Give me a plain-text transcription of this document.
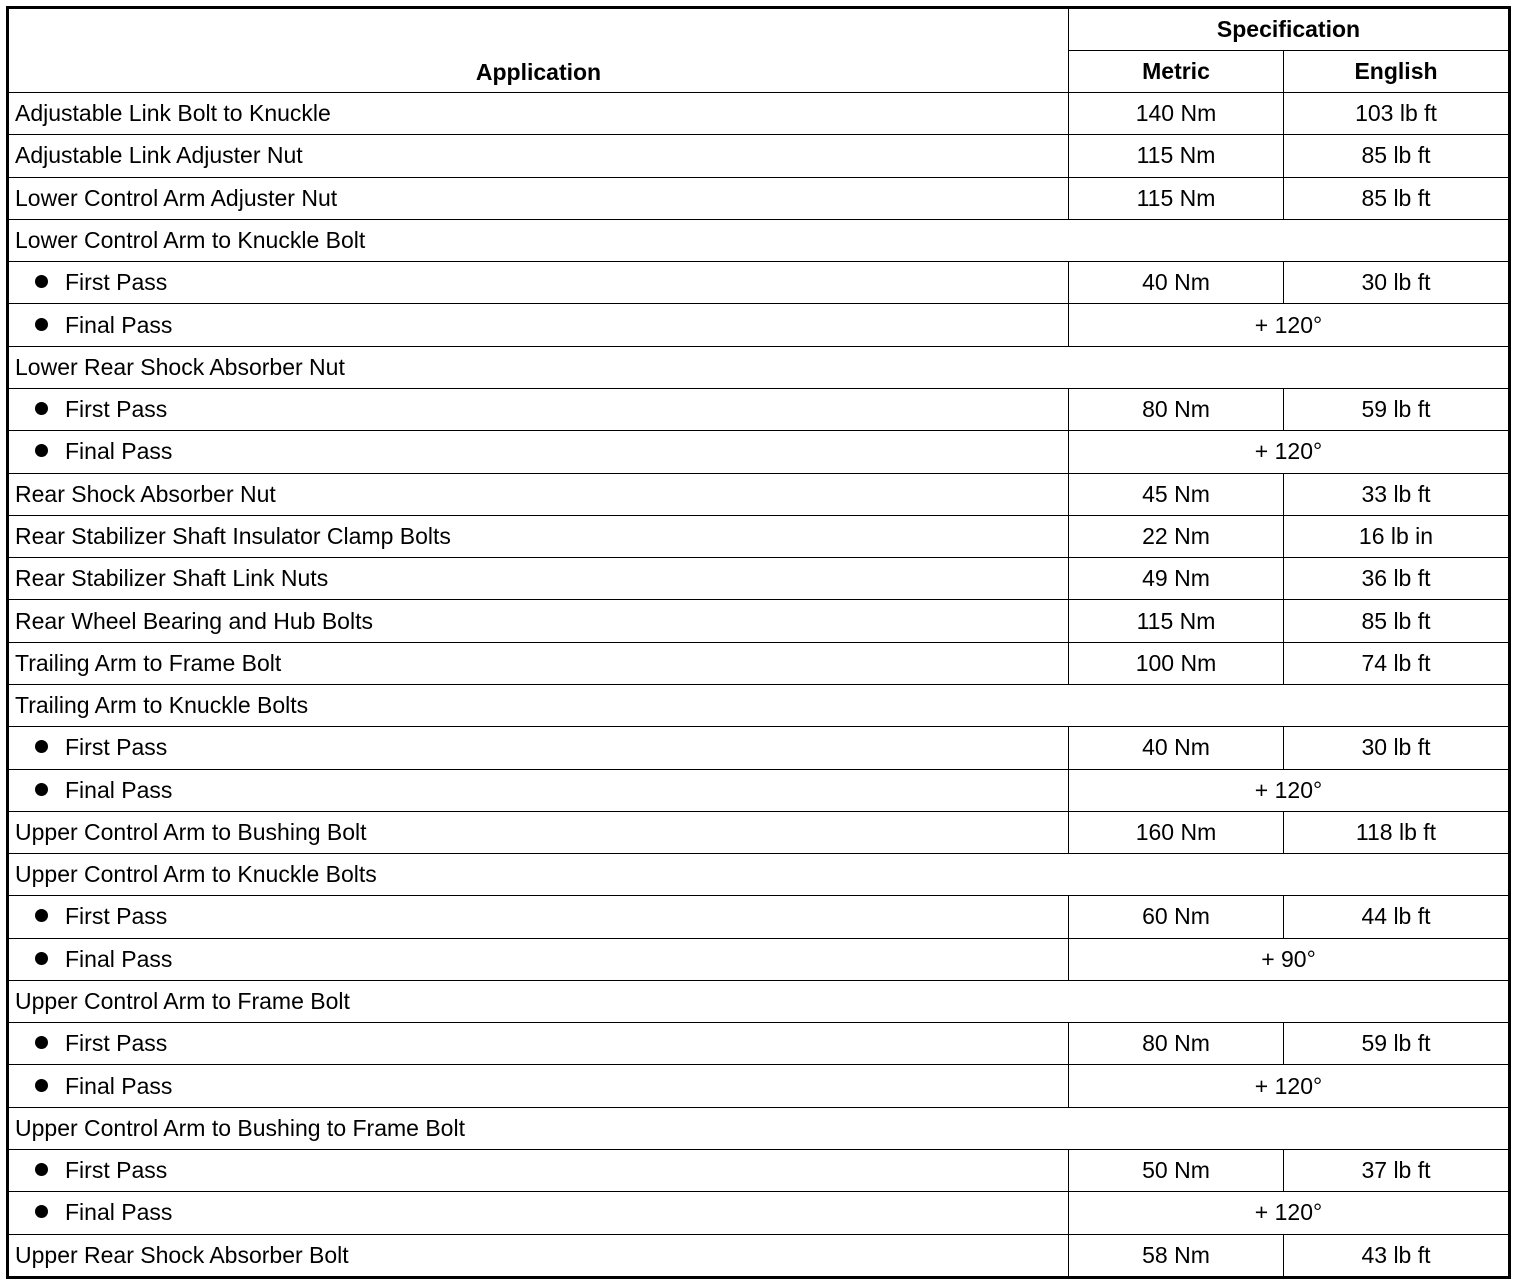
Application	Specification	
	Metric	English
Adjustable Link Bolt to Knuckle	140 Nm	103 lb ft
Adjustable Link Adjuster Nut	115 Nm	85 lb ft
Lower Control Arm Adjuster Nut	115 Nm	85 lb ft
Lower Control Arm to Knuckle Bolt		
First Pass	40 Nm	30 lb ft
Final Pass	+ 120°	
Lower Rear Shock Absorber Nut		
First Pass	80 Nm	59 lb ft
Final Pass	+ 120°	
Rear Shock Absorber Nut	45 Nm	33 lb ft
Rear Stabilizer Shaft Insulator Clamp Bolts	22 Nm	16 lb in
Rear Stabilizer Shaft Link Nuts	49 Nm	36 lb ft
Rear Wheel Bearing and Hub Bolts	115 Nm	85 lb ft
Trailing Arm to Frame Bolt	100 Nm	74 lb ft
Trailing Arm to Knuckle Bolts		
First Pass	40 Nm	30 lb ft
Final Pass	+ 120°	
Upper Control Arm to Bushing Bolt	160 Nm	118 lb ft
Upper Control Arm to Knuckle Bolts		
First Pass	60 Nm	44 lb ft
Final Pass	+ 90°	
Upper Control Arm to Frame Bolt		
First Pass	80 Nm	59 lb ft
Final Pass	+ 120°	
Upper Control Arm to Bushing to Frame Bolt		
First Pass	50 Nm	37 lb ft
Final Pass	+ 120°	
Upper Rear Shock Absorber Bolt	58 Nm	43 lb ft
